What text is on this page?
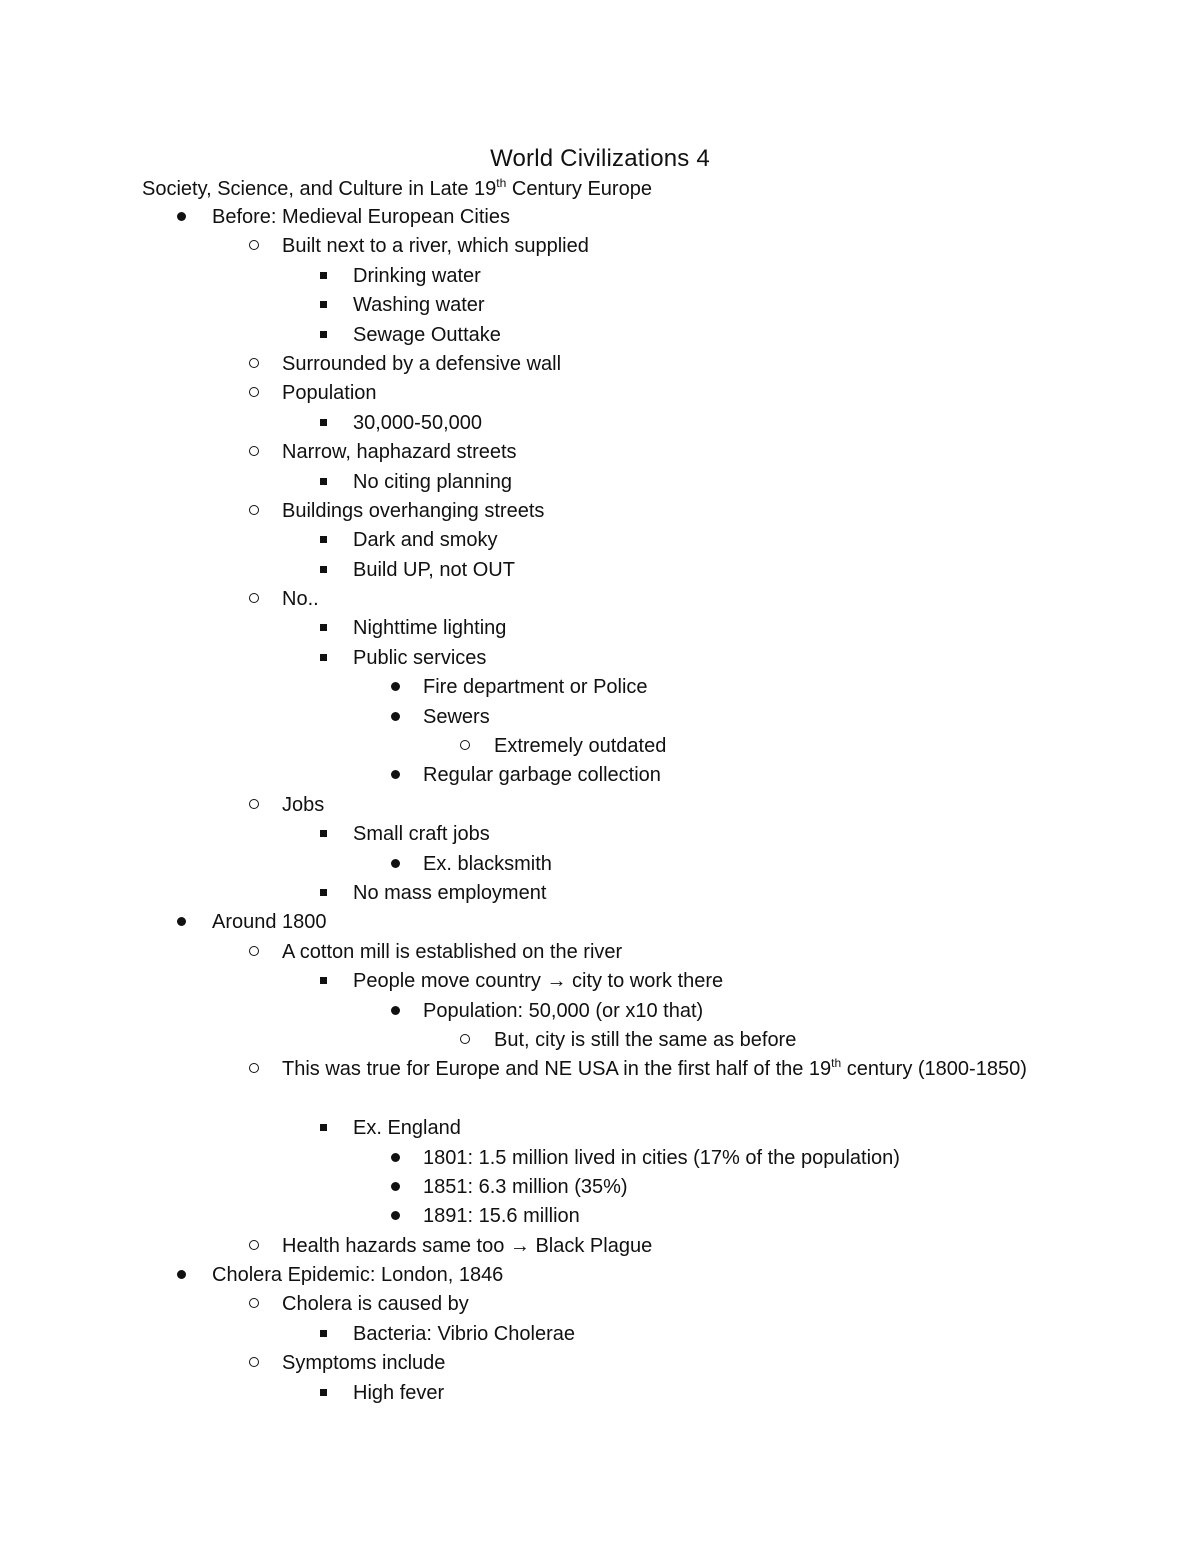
World Civilizations 4
Society, Science, and Culture in Late 19th Century Europe
Before: Medieval European Cities
Built next to a river, which supplied
Drinking water
Washing water
Sewage Outtake
Surrounded by a defensive wall
Population
30,000-50,000
Narrow, haphazard streets
No citing planning
Buildings overhanging streets
Dark and smoky
Build UP, not OUT
No..
Nighttime lighting
Public services
Fire department or Police
Sewers
Extremely outdated
Regular garbage collection
Jobs
Small craft jobs
Ex. blacksmith
No mass employment
Around 1800
A cotton mill is established on the river
People move country → city to work there
Population: 50,000 (or x10 that)
But, city is still the same as before
This was true for Europe and NE USA in the first half of the 19th century (1800-1850)
Ex. England
1801: 1.5 million lived in cities (17% of the population)
1851: 6.3 million (35%)
1891: 15.6 million
Health hazards same too → Black Plague
Cholera Epidemic: London, 1846
Cholera is caused by
Bacteria: Vibrio Cholerae
Symptoms include
High fever
